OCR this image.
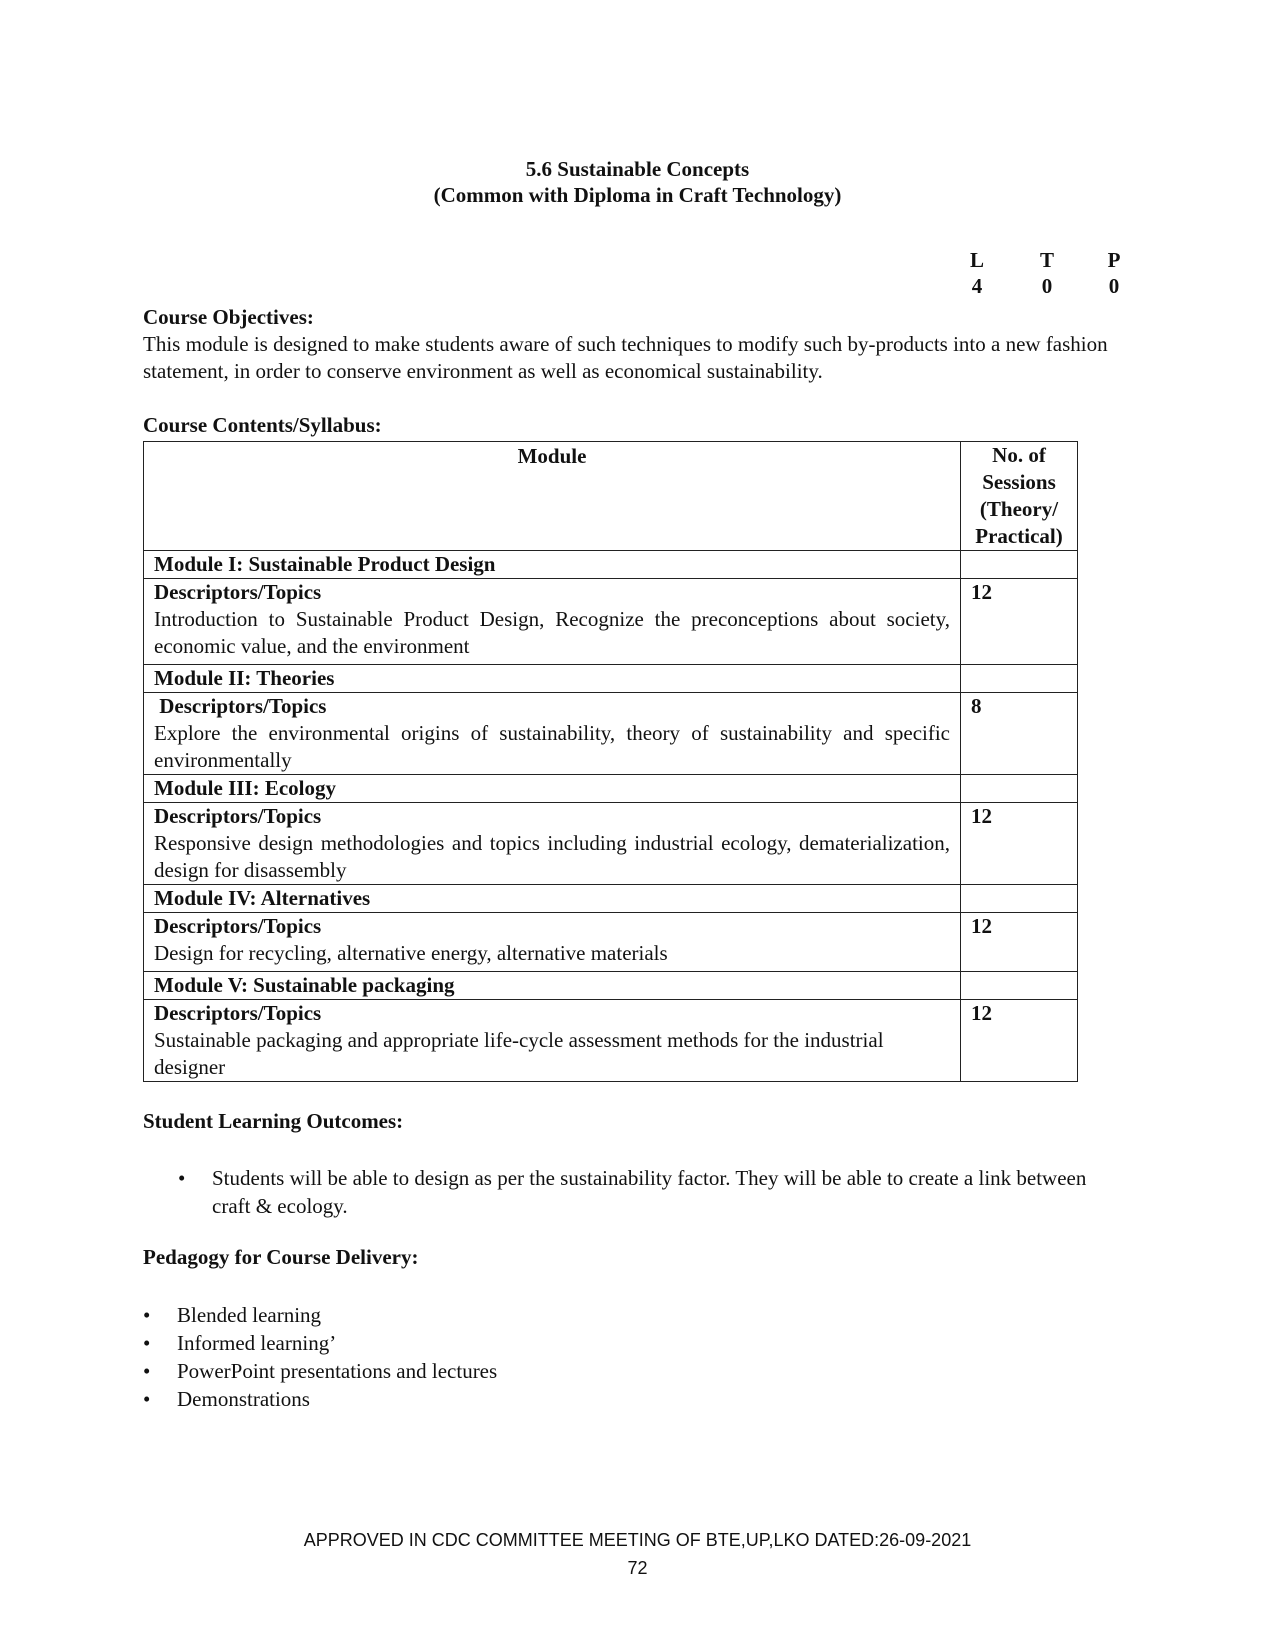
5.6 Sustainable Concepts
(Common with Diploma in Craft Technology)
L	T	P
4	0	0
Course Objectives:
This module is designed to make students aware of such techniques to modify such by-products into a new fashion statement, in order to conserve environment as well as economical sustainability.
Course Contents/Syllabus:
Module	No. of Sessions (Theory/ Practical)
Module I: Sustainable Product Design	

Descriptors/Topics
Introduction to Sustainable Product Design, Recognize the preconceptions about society, economic value, and the environment	12
Module II: Theories	

Descriptors/Topics
Explore the environmental origins of sustainability, theory of sustainability and specific environmentally	8
Module III: Ecology	

Descriptors/Topics
Responsive design methodologies and topics including industrial ecology, dematerialization, design for disassembly	12
Module IV: Alternatives	

Descriptors/Topics
Design for recycling, alternative energy, alternative materials	12
Module V: Sustainable packaging	

Descriptors/Topics
Sustainable packaging and appropriate life-cycle assessment methods for the industrial designer	12
Student Learning Outcomes:
• Students will be able to design as per the sustainability factor. They will be able to create a link between craft & ecology.
Pedagogy for Course Delivery:
• Blended learning
• Informed learning’
• PowerPoint presentations and lectures
• Demonstrations
APPROVED IN CDC COMMITTEE MEETING OF BTE,UP,LKO DATED:26-09-2021
72
